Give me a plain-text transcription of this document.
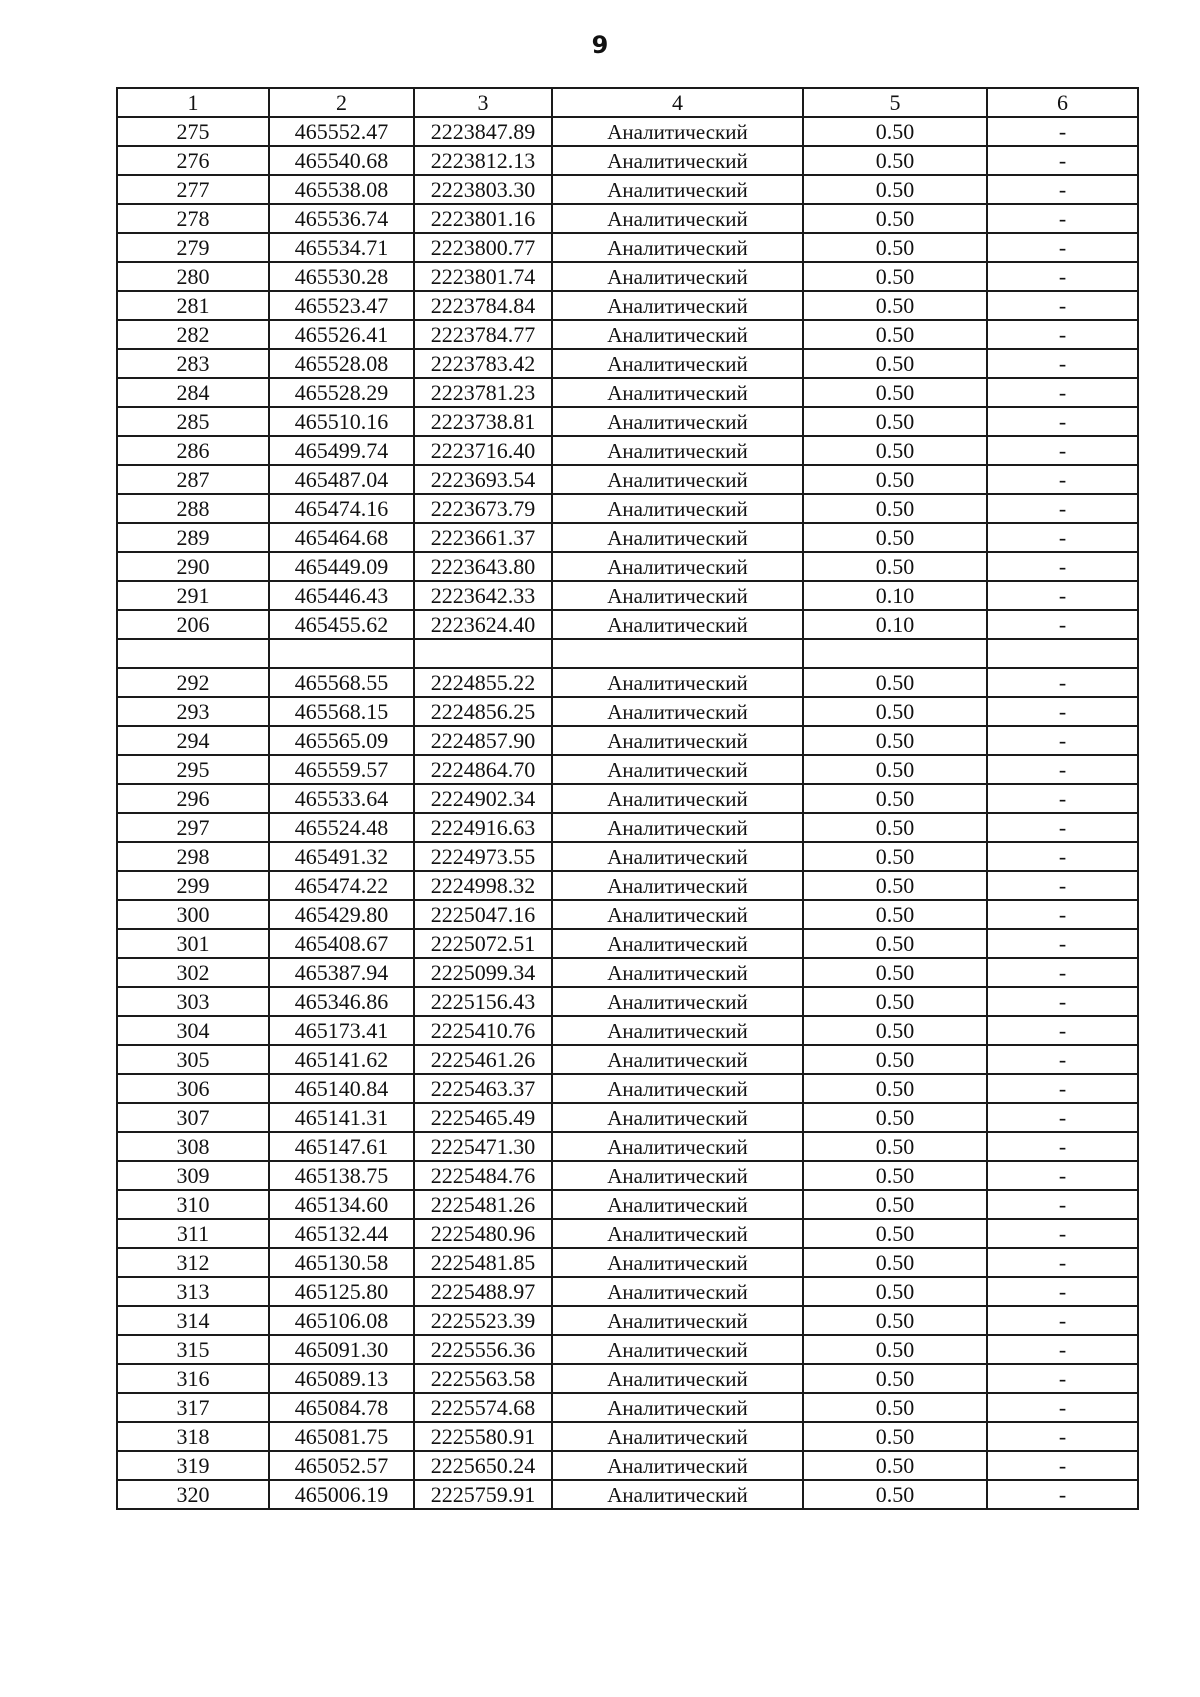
9
1	2	3	4	5	6
275	465552.47	2223847.89	Аналитический	0.50	-
276	465540.68	2223812.13	Аналитический	0.50	-
277	465538.08	2223803.30	Аналитический	0.50	-
278	465536.74	2223801.16	Аналитический	0.50	-
279	465534.71	2223800.77	Аналитический	0.50	-
280	465530.28	2223801.74	Аналитический	0.50	-
281	465523.47	2223784.84	Аналитический	0.50	-
282	465526.41	2223784.77	Аналитический	0.50	-
283	465528.08	2223783.42	Аналитический	0.50	-
284	465528.29	2223781.23	Аналитический	0.50	-
285	465510.16	2223738.81	Аналитический	0.50	-
286	465499.74	2223716.40	Аналитический	0.50	-
287	465487.04	2223693.54	Аналитический	0.50	-
288	465474.16	2223673.79	Аналитический	0.50	-
289	465464.68	2223661.37	Аналитический	0.50	-
290	465449.09	2223643.80	Аналитический	0.50	-
291	465446.43	2223642.33	Аналитический	0.10	-
206	465455.62	2223624.40	Аналитический	0.10	-

292	465568.55	2224855.22	Аналитический	0.50	-
293	465568.15	2224856.25	Аналитический	0.50	-
294	465565.09	2224857.90	Аналитический	0.50	-
295	465559.57	2224864.70	Аналитический	0.50	-
296	465533.64	2224902.34	Аналитический	0.50	-
297	465524.48	2224916.63	Аналитический	0.50	-
298	465491.32	2224973.55	Аналитический	0.50	-
299	465474.22	2224998.32	Аналитический	0.50	-
300	465429.80	2225047.16	Аналитический	0.50	-
301	465408.67	2225072.51	Аналитический	0.50	-
302	465387.94	2225099.34	Аналитический	0.50	-
303	465346.86	2225156.43	Аналитический	0.50	-
304	465173.41	2225410.76	Аналитический	0.50	-
305	465141.62	2225461.26	Аналитический	0.50	-
306	465140.84	2225463.37	Аналитический	0.50	-
307	465141.31	2225465.49	Аналитический	0.50	-
308	465147.61	2225471.30	Аналитический	0.50	-
309	465138.75	2225484.76	Аналитический	0.50	-
310	465134.60	2225481.26	Аналитический	0.50	-
311	465132.44	2225480.96	Аналитический	0.50	-
312	465130.58	2225481.85	Аналитический	0.50	-
313	465125.80	2225488.97	Аналитический	0.50	-
314	465106.08	2225523.39	Аналитический	0.50	-
315	465091.30	2225556.36	Аналитический	0.50	-
316	465089.13	2225563.58	Аналитический	0.50	-
317	465084.78	2225574.68	Аналитический	0.50	-
318	465081.75	2225580.91	Аналитический	0.50	-
319	465052.57	2225650.24	Аналитический	0.50	-
320	465006.19	2225759.91	Аналитический	0.50	-
